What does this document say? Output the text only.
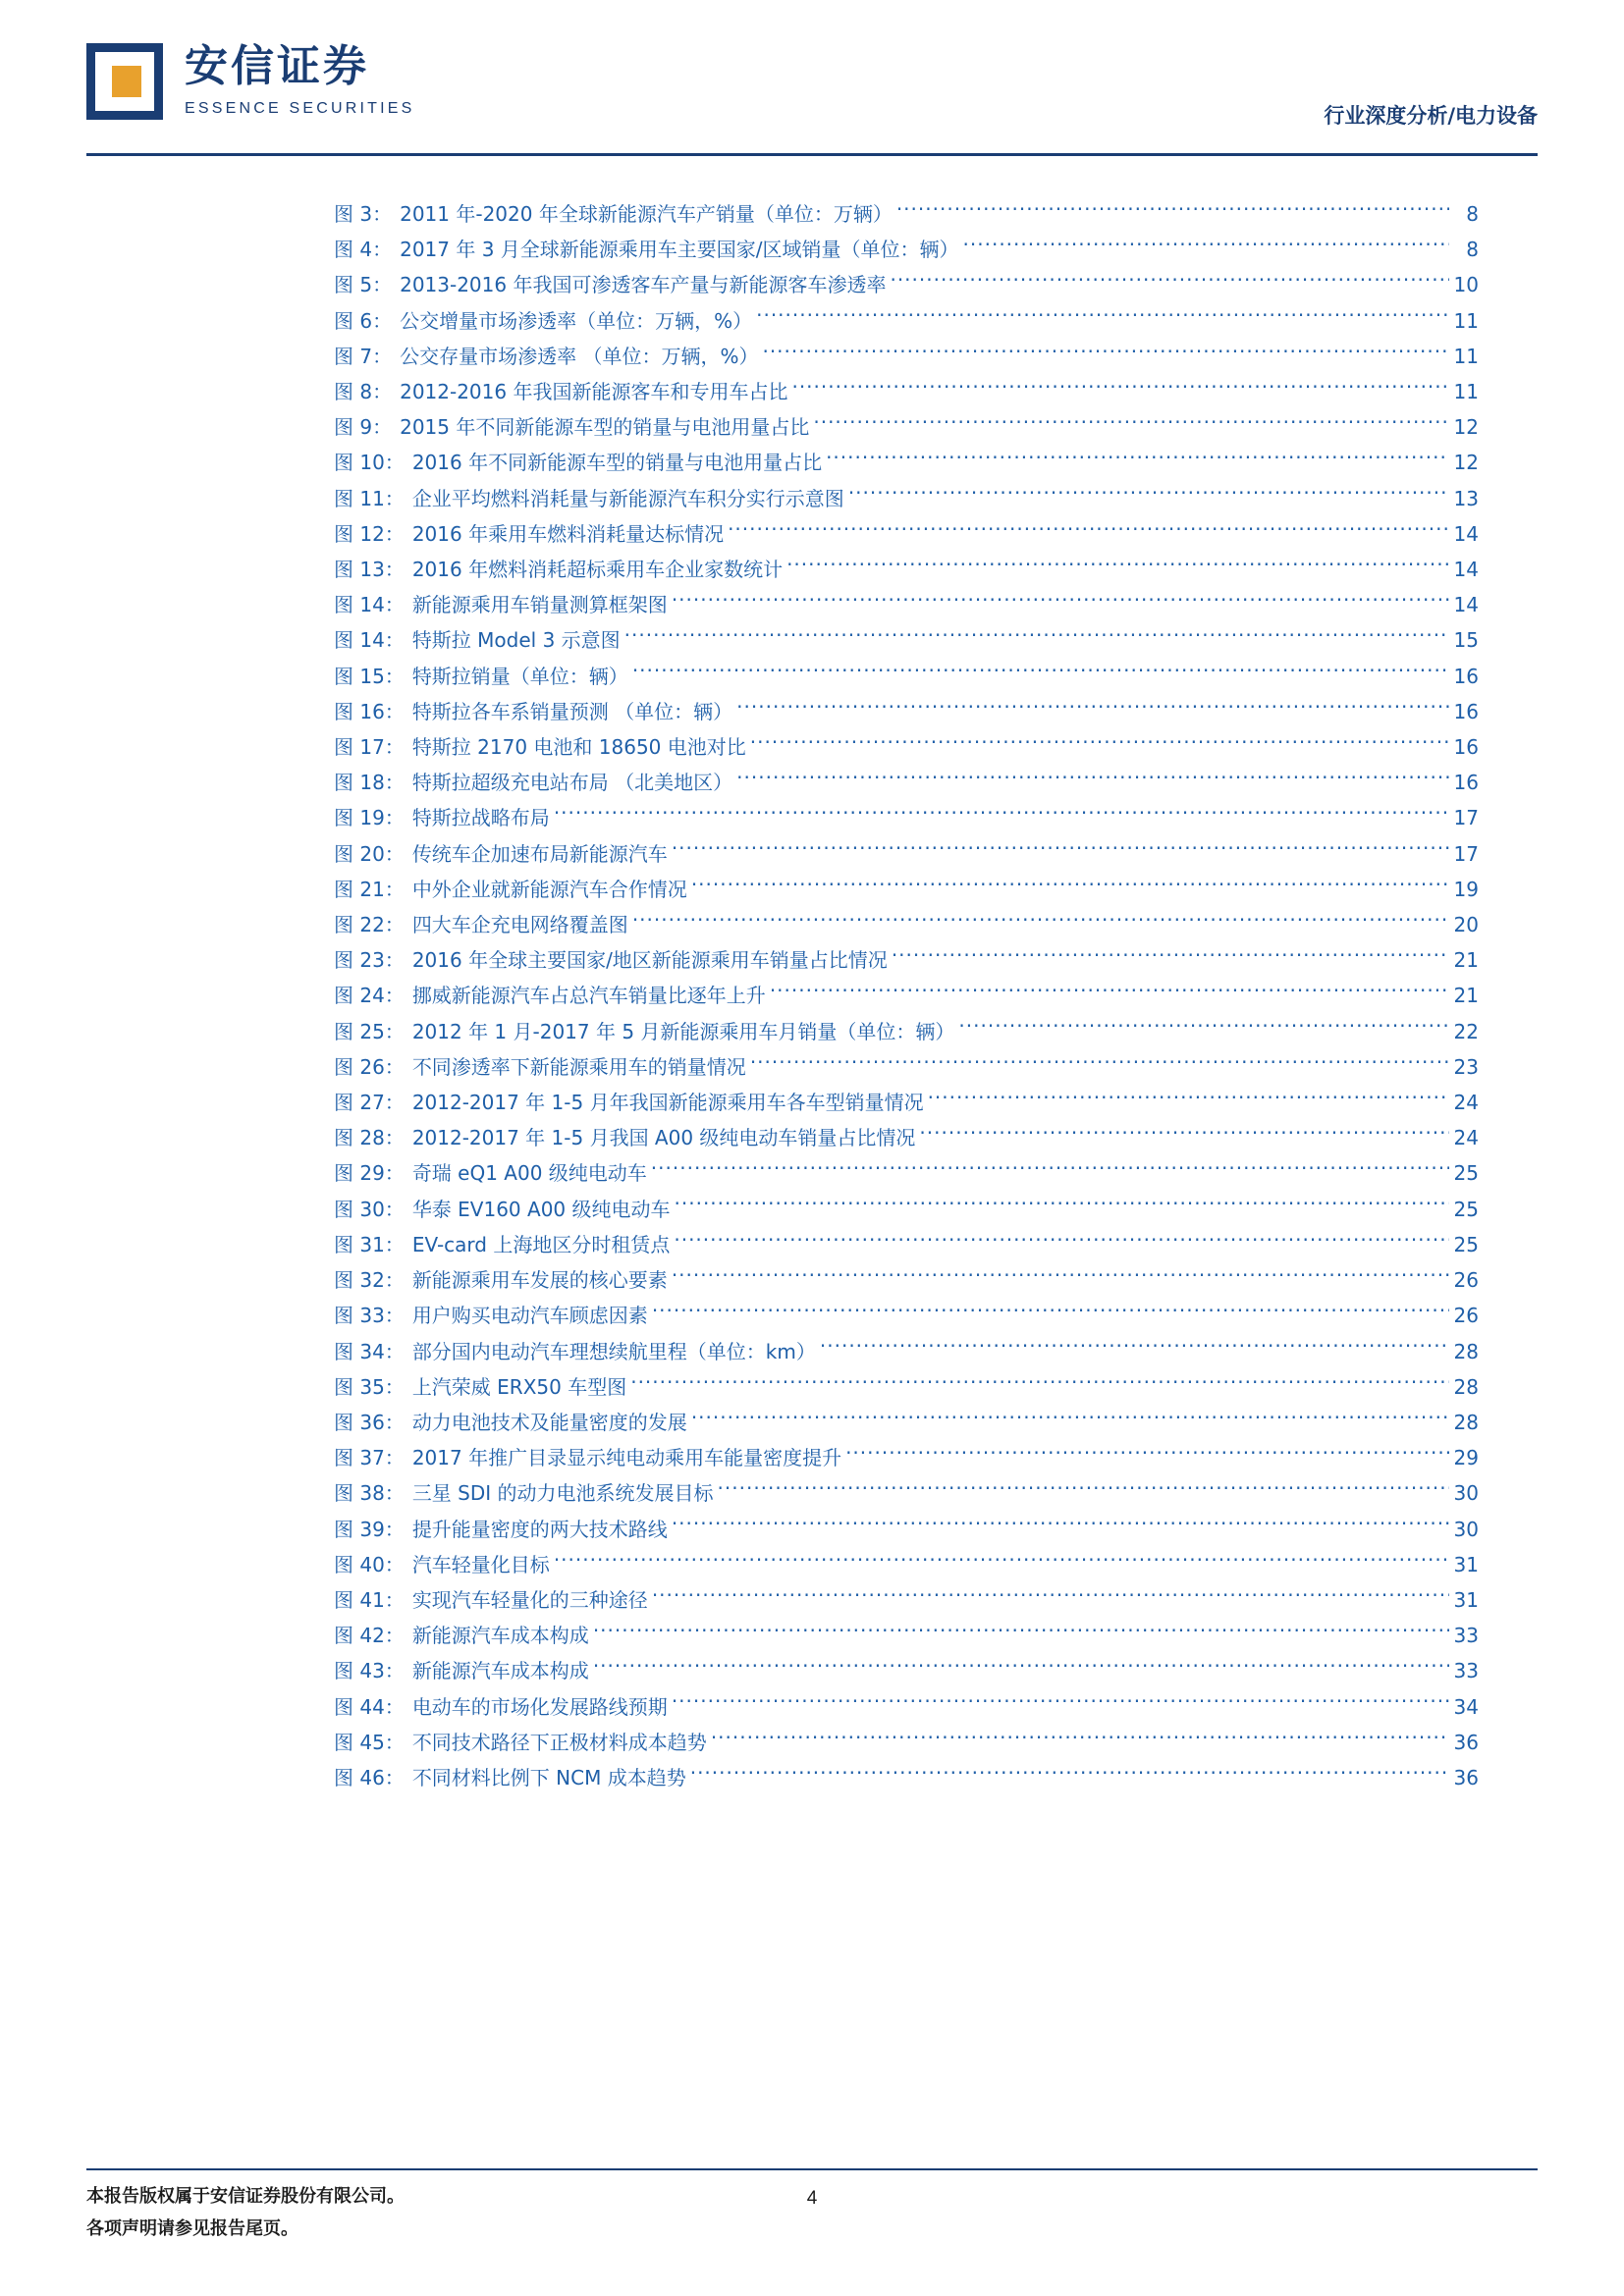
安信证券
ESSENCE SECURITIES	行业深度分析/电力设备
图 3： 2011 年-2020 年全球新能源汽车产销量（单位：万辆） .....	8
图 4： 2017 年 3 月全球新能源乘用车主要国家/区域销量（单位：辆） .....	8
图 5： 2013-2016 年我国可渗透客车产量与新能源客车渗透率 .....	10
图 6： 公交增量市场渗透率（单位：万辆，%） .....	11
图 7： 公交存量市场渗透率 （单位：万辆，%） .....	11
图 8： 2012-2016 年我国新能源客车和专用车占比 .....	11
图 9： 2015 年不同新能源车型的销量与电池用量占比 .....	12
图 10： 2016 年不同新能源车型的销量与电池用量占比 .....	12
图 11： 企业平均燃料消耗量与新能源汽车积分实行示意图 .....	13
图 12： 2016 年乘用车燃料消耗量达标情况 .....	14
图 13： 2016 年燃料消耗超标乘用车企业家数统计 .....	14
图 14： 新能源乘用车销量测算框架图 .....	14
图 14： 特斯拉 Model 3 示意图 .....	15
图 15： 特斯拉销量（单位：辆） .....	16
图 16： 特斯拉各车系销量预测 （单位：辆） .....	16
图 17： 特斯拉 2170 电池和 18650 电池对比 .....	16
图 18： 特斯拉超级充电站布局 （北美地区） .....	16
图 19： 特斯拉战略布局 .....	17
图 20： 传统车企加速布局新能源汽车 .....	17
图 21： 中外企业就新能源汽车合作情况 .....	19
图 22： 四大车企充电网络覆盖图 .....	20
图 23： 2016 年全球主要国家/地区新能源乘用车销量占比情况 .....	21
图 24： 挪威新能源汽车占总汽车销量比逐年上升 .....	21
图 25： 2012 年 1 月-2017 年 5 月新能源乘用车月销量（单位：辆） .....	22
图 26： 不同渗透率下新能源乘用车的销量情况 .....	23
图 27： 2012-2017 年 1-5 月年我国新能源乘用车各车型销量情况 .....	24
图 28： 2012-2017 年 1-5 月我国 A00 级纯电动车销量占比情况 .....	24
图 29： 奇瑞 eQ1 A00 级纯电动车 .....	25
图 30： 华泰 EV160 A00 级纯电动车 .....	25
图 31： EV-card 上海地区分时租赁点 .....	25
图 32： 新能源乘用车发展的核心要素 .....	26
图 33： 用户购买电动汽车顾虑因素 .....	26
图 34： 部分国内电动汽车理想续航里程（单位：km） .....	28
图 35： 上汽荣威 ERX50 车型图 .....	28
图 36： 动力电池技术及能量密度的发展 .....	28
图 37： 2017 年推广目录显示纯电动乘用车能量密度提升 .....	29
图 38： 三星 SDI 的动力电池系统发展目标 .....	30
图 39： 提升能量密度的两大技术路线 .....	30
图 40： 汽车轻量化目标 .....	31
图 41： 实现汽车轻量化的三种途径 .....	31
图 42： 新能源汽车成本构成 .....	33
图 43： 新能源汽车成本构成 .....	33
图 44： 电动车的市场化发展路线预期 .....	34
图 45： 不同技术路径下正极材料成本趋势 .....	36
图 46： 不同材料比例下 NCM 成本趋势 .....	36
4
本报告版权属于安信证券股份有限公司。
各项声明请参见报告尾页。
